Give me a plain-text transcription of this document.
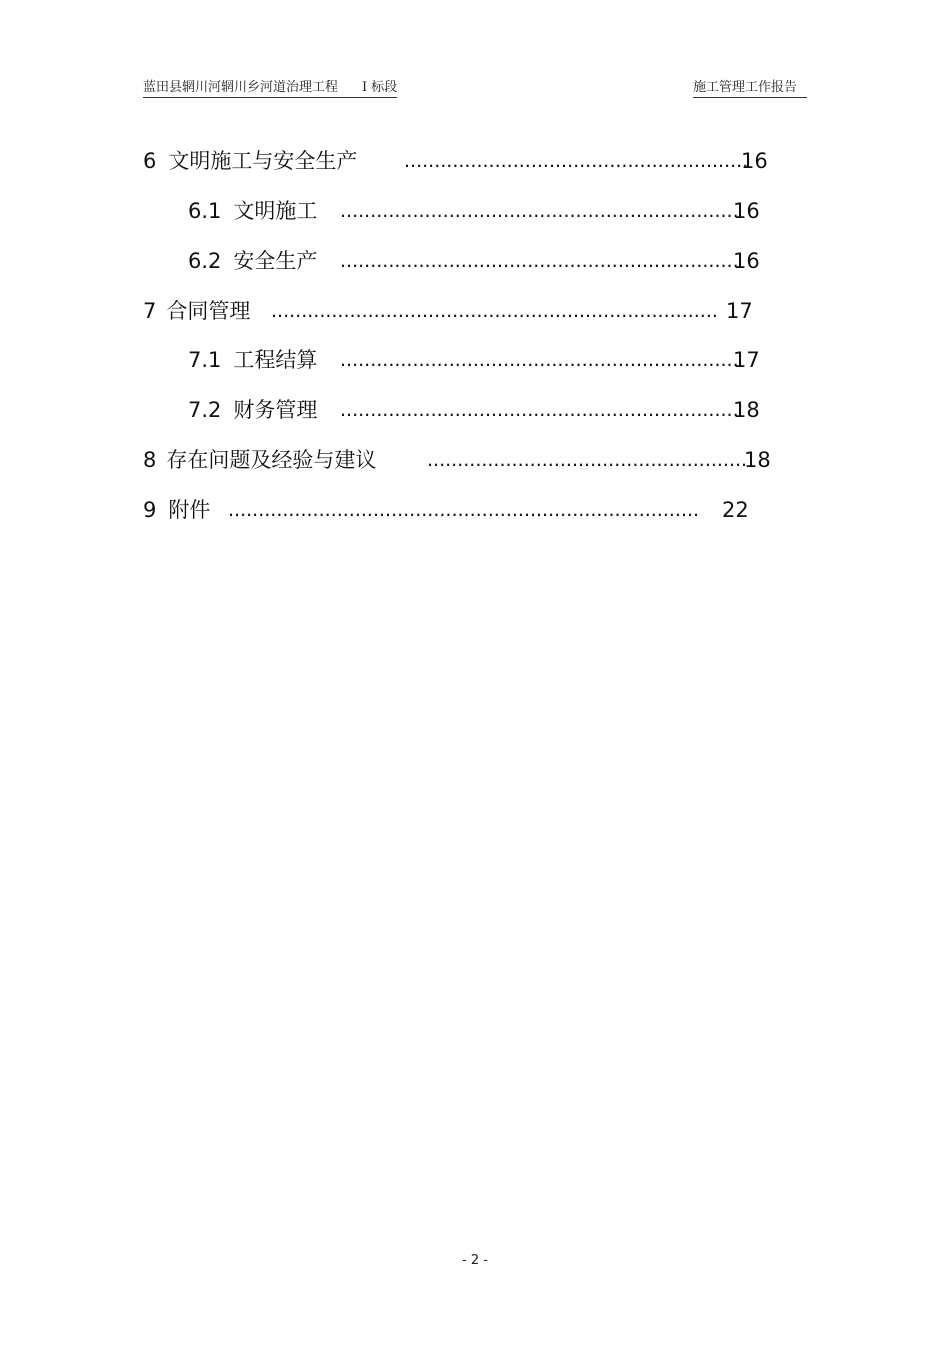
蓝田县辋川河辋川乡河道治理工程 I 标段	施工管理工作报告
6 文明施工与安全生产 .........................................................
16
6.1 文明施工 ..................................................................
16
6.2 安全生产 ..................................................................
16
7 合同管理 .......................................................................... 17
7.1 工程结算 ..................................................................
17
7.2 财务管理 ..................................................................
18
8 存在问题及经验与建议	.....................................................
18
9 附件 .............................................................................. 22
- 2 -
